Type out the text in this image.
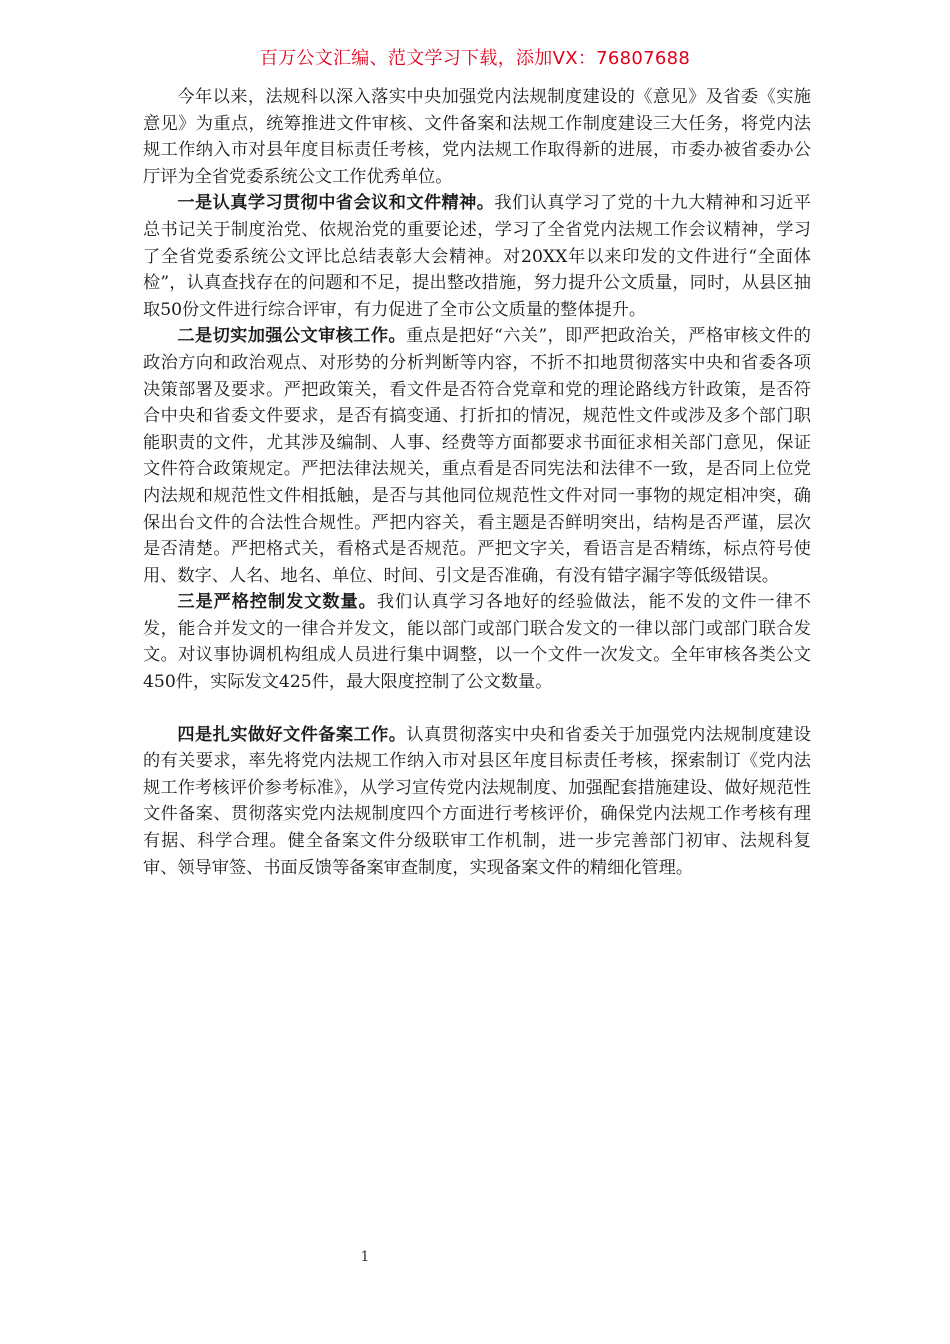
百万公文汇编、范文学习下载，添加VX：76807688

今年以来，法规科以深入落实中央加强党内法规制度建设的《意见》及省委《实施意见》为重点，统筹推进文件审核、文件备案和法规工作制度建设三大任务，将党内法规工作纳入市对县年度目标责任考核，党内法规工作取得新的进展，市委办被省委办公厅评为全省党委系统公文工作优秀单位。

一是认真学习贯彻中省会议和文件精神。我们认真学习了党的十九大精神和习近平总书记关于制度治党、依规治党的重要论述，学习了全省党内法规工作会议精神，学习了全省党委系统公文评比总结表彰大会精神。对20XX年以来印发的文件进行“全面体检”，认真查找存在的问题和不足，提出整改措施，努力提升公文质量，同时，从县区抽取50份文件进行综合评审，有力促进了全市公文质量的整体提升。

二是切实加强公文审核工作。重点是把好“六关”，即严把政治关，严格审核文件的政治方向和政治观点、对形势的分析判断等内容，不折不扣地贯彻落实中央和省委各项决策部署及要求。严把政策关，看文件是否符合党章和党的理论路线方针政策，是否符合中央和省委文件要求，是否有搞变通、打折扣的情况，规范性文件或涉及多个部门职能职责的文件，尤其涉及编制、人事、经费等方面都要求书面征求相关部门意见，保证文件符合政策规定。严把法律法规关，重点看是否同宪法和法律不一致，是否同上位党内法规和规范性文件相抵触，是否与其他同位规范性文件对同一事物的规定相冲突，确保出台文件的合法性合规性。严把内容关，看主题是否鲜明突出，结构是否严谨，层次是否清楚。严把格式关，看格式是否规范。严把文字关，看语言是否精练，标点符号使用、数字、人名、地名、单位、时间、引文是否准确，有没有错字漏字等低级错误。

三是严格控制发文数量。我们认真学习各地好的经验做法，能不发的文件一律不发，能合并发文的一律合并发文，能以部门或部门联合发文的一律以部门或部门联合发文。对议事协调机构组成人员进行集中调整，以一个文件一次发文。全年审核各类公文450件，实际发文425件，最大限度控制了公文数量。

四是扎实做好文件备案工作。认真贯彻落实中央和省委关于加强党内法规制度建设的有关要求，率先将党内法规工作纳入市对县区年度目标责任考核，探索制订《党内法规工作考核评价参考标准》，从学习宣传党内法规制度、加强配套措施建设、做好规范性文件备案、贯彻落实党内法规制度四个方面进行考核评价，确保党内法规工作考核有理有据、科学合理。健全备案文件分级联审工作机制，进一步完善部门初审、法规科复审、领导审签、书面反馈等备案审查制度，实现备案文件的精细化管理。

1
